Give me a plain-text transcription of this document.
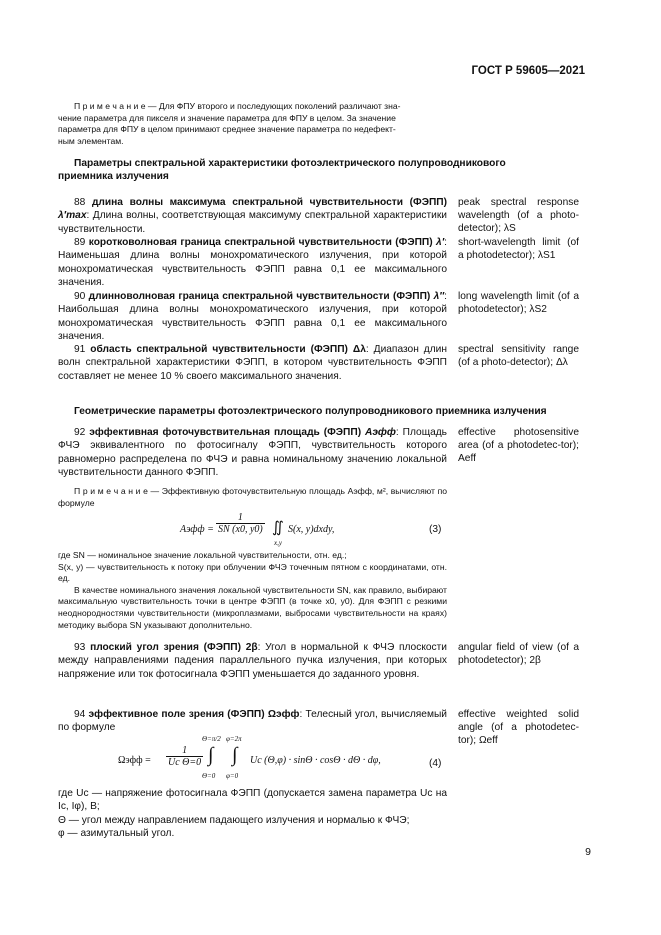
ГОСТ Р 59605—2021
П р и м е ч а н и е — Для ФПУ второго и последующих поколений различают зна-
чение параметра для пикселя и значение параметра для ФПУ в целом. За значение
параметра для ФПУ в целом принимают среднее значение параметра по недефект-
ным элементам.
Параметры спектральной характеристики фотоэлектрического полупроводникового
приемника излучения
88 длина волны максимума спектральной чувствительности (ФЭПП) λ′max: Длина волны, соответствующая максимуму спектральной характеристики чувствительности.
peak spectral response wavelength (of a photo-detector); λS
89 коротковолновая граница спектральной чувствительности (ФЭПП) λ′: Наименьшая длина волны монохроматического излучения, при которой монохроматическая чувствительность ФЭПП равна 0,1 ее максимального значения.
short-wavelength limit (of a photodetector); λS1
90 длинноволновая граница спектральной чувствительности (ФЭПП) λ″: Наибольшая длина волны монохроматического излучения, при которой монохроматическая чувствительность ФЭПП равна 0,1 ее максимального значения.
long wavelength limit (of a photodetector); λS2
91 область спектральной чувствительности (ФЭПП) Δλ: Диапазон длин волн спектральной характеристики ФЭПП, в котором чувствительность ФЭПП составляет не менее 10 % своего максимального значения.
spectral sensitivity range (of a photo-detector); Δλ
Геометрические параметры фотоэлектрического полупроводникового приемника излучения
92 эффективная фоточувствительная площадь (ФЭПП) Aэфф: Площадь ФЧЭ эквивалентного по фотосигналу ФЭПП, чувствительность которого равномерно распределена по ФЧЭ и равна номинальному значению локальной чувствительности данного ФЭПП.
effective photosensitive area (of a photodetec-tor); Aeff
П р и м е ч а н и е — Эффективную фоточувствительную площадь Aэфф, м², вычисляют по формуле
Aэфф = $\frac{1}{SN (x0, y0)}$ ∬
x,y
S(x, y)dxdy,	(3)
где SN — номинальное значение локальной чувствительности, отн. ед.;
S(x, y) — чувствительность к потоку при облучении ФЧЭ точечным пятном с координатами, отн. ед.
В качестве номинального значения локальной чувствительности SN, как правило, выбирают максимальную чувствительность точки в центре ФЭПП (в точке x0, y0). Для ФЭПП с резкими неоднородностями чувствительности (микроплазмами, выбросами чувствительности на краях) методику выбора SN указывают дополнительно.
93 плоский угол зрения (ФЭПП) 2β: Угол в нормальной к ФЧЭ плоскости между направлениями падения параллельного пучка излучения, при которых напряжение или ток фотосигнала ФЭПП уменьшается до заданного уровня.
angular field of view (of a photodetector); 2β
94 эффективное поле зрения (ФЭПП) Ωэфф: Телесный угол, вычисляемый по формуле
effective weighted solid angle (of a photodetec-tor); Ωeff
$\Omega эфф = \frac{1}{\text{Uc Θ=0}}$
Θ=π/2
∫
Θ=0
φ=2π
∫
φ=0
Uc (Θ,φ) · sinΘ · cosΘ · dΘ · dφ,	(4)
где Uc — напряжение фотосигнала ФЭПП (допускается замена параметра Uc на Ic, Iφ), В;
Θ — угол между направлением падающего излучения и нормалью к ФЧЭ;
φ — азимутальный угол.
9
